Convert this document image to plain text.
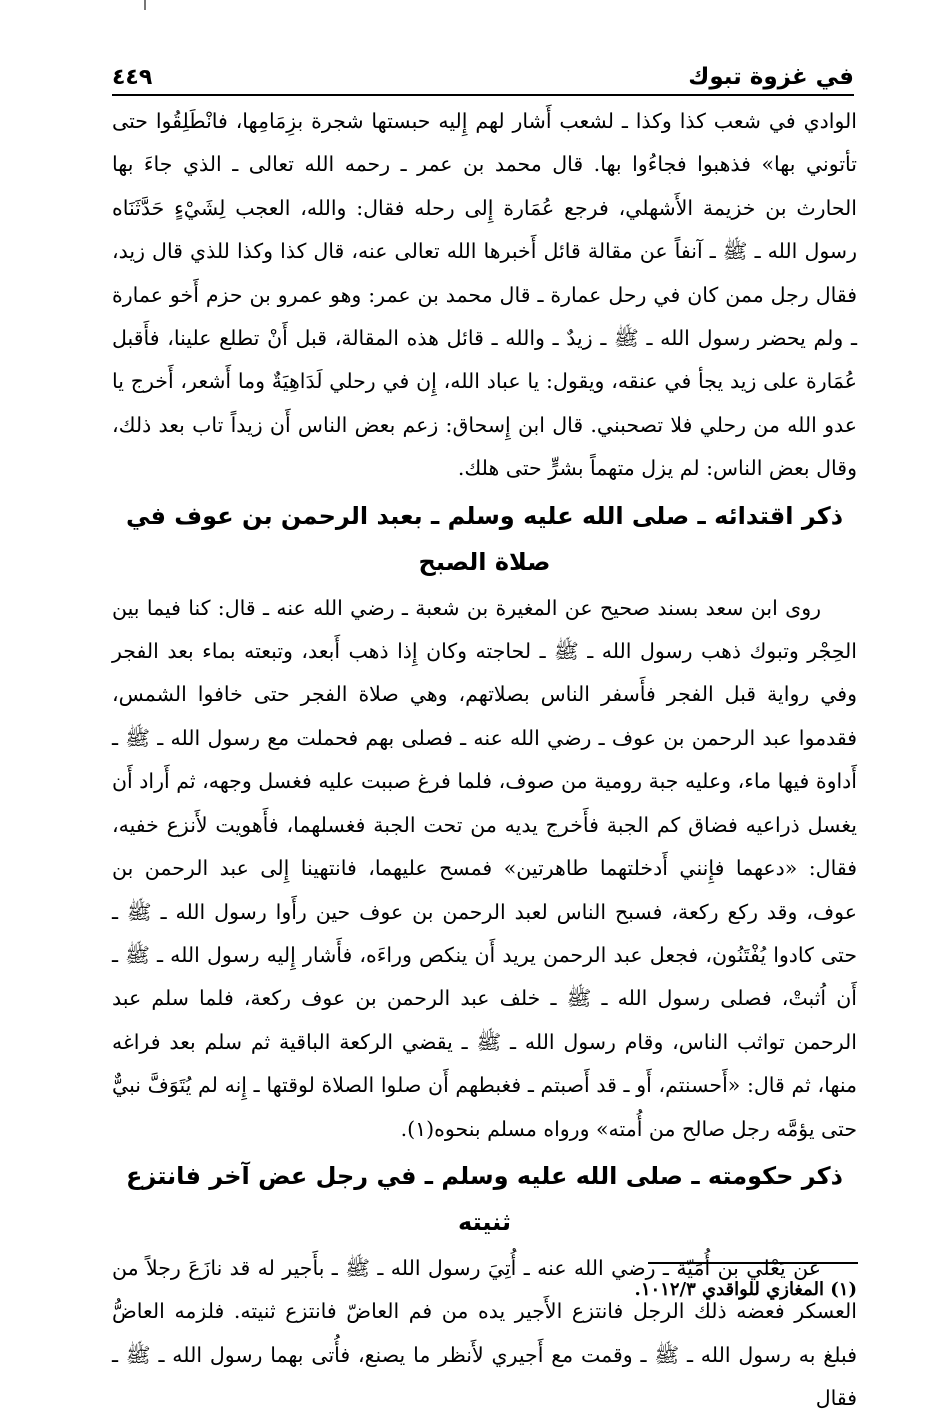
في غزوة تبوك
٤٤٩

الوادي في شعب كذا وكذا ـ لشعب أَشار لهم إِليه حبستها شجرة بزِمَامِها، فانْطَلِقُوا حتى تأتوني بها» فذهبوا فجاءُوا بها. قال محمد بن عمر ـ رحمه الله تعالى ـ الذي جاءَ بها الحارث بن خزيمة الأَشهلي، فرجع عُمَارة إِلى رحله فقال: والله، العجب لِشَيْءٍ حَدَّثَنَاه رسول الله ـ ﷺ ـ آنفاً عن مقالة قائل أَخبرها الله تعالى عنه، قال كذا وكذا للذي قال زيد، فقال رجل ممن كان في رحل عمارة ـ قال محمد بن عمر: وهو عمرو بن حزم أَخو عمارة ـ ولم يحضر رسول الله ـ ﷺ ـ زيدٌ ـ والله ـ قائل هذه المقالة، قبل أَنْ تطلع علينا، فأَقبل عُمَارة على زيد يجأ في عنقه، ويقول: يا عباد الله، إِن في رحلي لَدَاهِيَةٌ وما أَشعر، أَخرج يا عدو الله من رحلي فلا تصحبني. قال ابن إِسحاق: زعم بعض الناس أَن زيداً تاب بعد ذلك، وقال بعض الناس: لم يزل متهماً بشرٍّ حتى هلك.

ذكر اقتدائه ـ صلى الله عليه وسلم ـ بعبد الرحمن بن عوف في صلاة الصبح

روى ابن سعد بسند صحيح عن المغيرة بن شعبة ـ رضي الله عنه ـ قال: كنا فيما بين الحِجْر وتبوك ذهب رسول الله ـ ﷺ ـ لحاجته وكان إِذا ذهب أَبعد، وتبعته بماء بعد الفجر وفي رواية قبل الفجر فأَسفر الناس بصلاتهم، وهي صلاة الفجر حتى خافوا الشمس، فقدموا عبد الرحمن بن عوف ـ رضي الله عنه ـ فصلى بهم فحملت مع رسول الله ـ ﷺ ـ أَداوة فيها ماء، وعليه جبة رومية من صوف، فلما فرغ صببت عليه فغسل وجهه، ثم أَراد أَن يغسل ذراعيه فضاق كم الجبة فأَخرج يديه من تحت الجبة فغسلهما، فأَهويت لأَنزع خفيه، فقال: «دعهما فإِنني أَدخلتهما طاهرتين» فمسح عليهما، فانتهينا إِلى عبد الرحمن بن عوف، وقد ركع ركعة، فسبح الناس لعبد الرحمن بن عوف حين رأَوا رسول الله ـ ﷺ ـ حتى كادوا يُفْتَنُون، فجعل عبد الرحمن يريد أَن ينكص وراءَه، فأَشار إِليه رسول الله ـ ﷺ ـ أَن اُثبتْ، فصلى رسول الله ـ ﷺ ـ خلف عبد الرحمن بن عوف ركعة، فلما سلم عبد الرحمن تواثب الناس، وقام رسول الله ـ ﷺ ـ يقضي الركعة الباقية ثم سلم بعد فراغه منها، ثم قال: «أَحسنتم، أَو ـ قد أَصبتم ـ فغبطهم أَن صلوا الصلاة لوقتها ـ إِنه لم يُتَوَفَّ نبيٌّ حتى يؤمَّه رجل صالح من أُمته» ورواه مسلم بنحوه(١).

ذكر حكومته ـ صلى الله عليه وسلم ـ في رجل عض آخر فانتزع ثنيته

عن يَعْلي بن أُمَيّة ـ رضي الله عنه ـ أُتِيَ رسول الله ـ ﷺ ـ بأَجير له قد نازَعَ رجلاً من العسكر فعضه ذلك الرجل فانتزع الأَجير يده من فم العاضّ فانتزع ثنيته. فلزمه العاضُّ فبلغ به رسول الله ـ ﷺ ـ وقمت مع أَجيري لأَنظر ما يصنع، فأُتى بهما رسول الله ـ ﷺ ـ فقال

(١) المغازي للواقدي ١٠١٢/٣.
